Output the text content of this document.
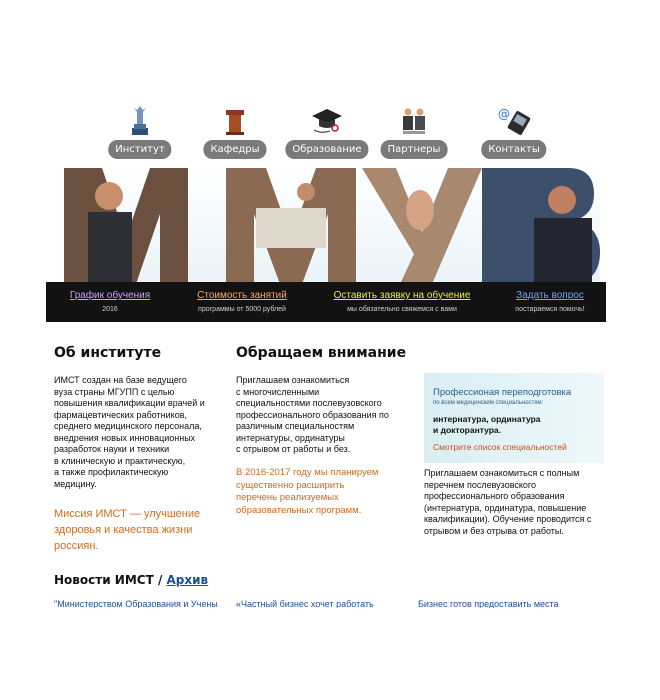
Институт	Кафедры	Образование	Партнеры
@
Контакты
График обучения
2016
Стоимость занятий
программы от 5000 рублей
Оставить заявку на обучение
мы обязательно свяжемся с вами
Задать вопрос
постараемся помочь!
Об институте
ИМСТ создан на базе ведущего
вуза страны МГУПП с целью
повышения квалификации врачей и
фармацевтических работников,
среднего медицинского персонала,
внедрения новых инновационных
разработок науки и техники
в клиническую и практическую,
а также профилактическую
медицину.
Миссия ИМСТ — улучшение
здоровья и качества жизни
россиян.
Обращаем внимание
Приглашаем ознакомиться
с многочисленными
специальностями послевузовского
профессионального образования по
различным специальностям
интернатуры, ординатуры
с отрывом от работы и без.
В 2016-2017 году мы планируем
существенно расширить
перечень реализуемых
образовательных программ.
Профессионая переподготовка
по всем медицинским специальностям:
интернатура, ординатура
и докторантура.
Смотрите список специальностей
Приглашаем ознакомиться с полным
перечнем послевузовского
профессионального образования
(интернатура, ординатура, повышение
квалификации). Обучение проводится с
отрывом и без отрыва от работы.
Новости ИМСТ / Архив
"Министерством Образования и Учены	«Частный бизнес хочет работать	Бизнес готов предоставить места
